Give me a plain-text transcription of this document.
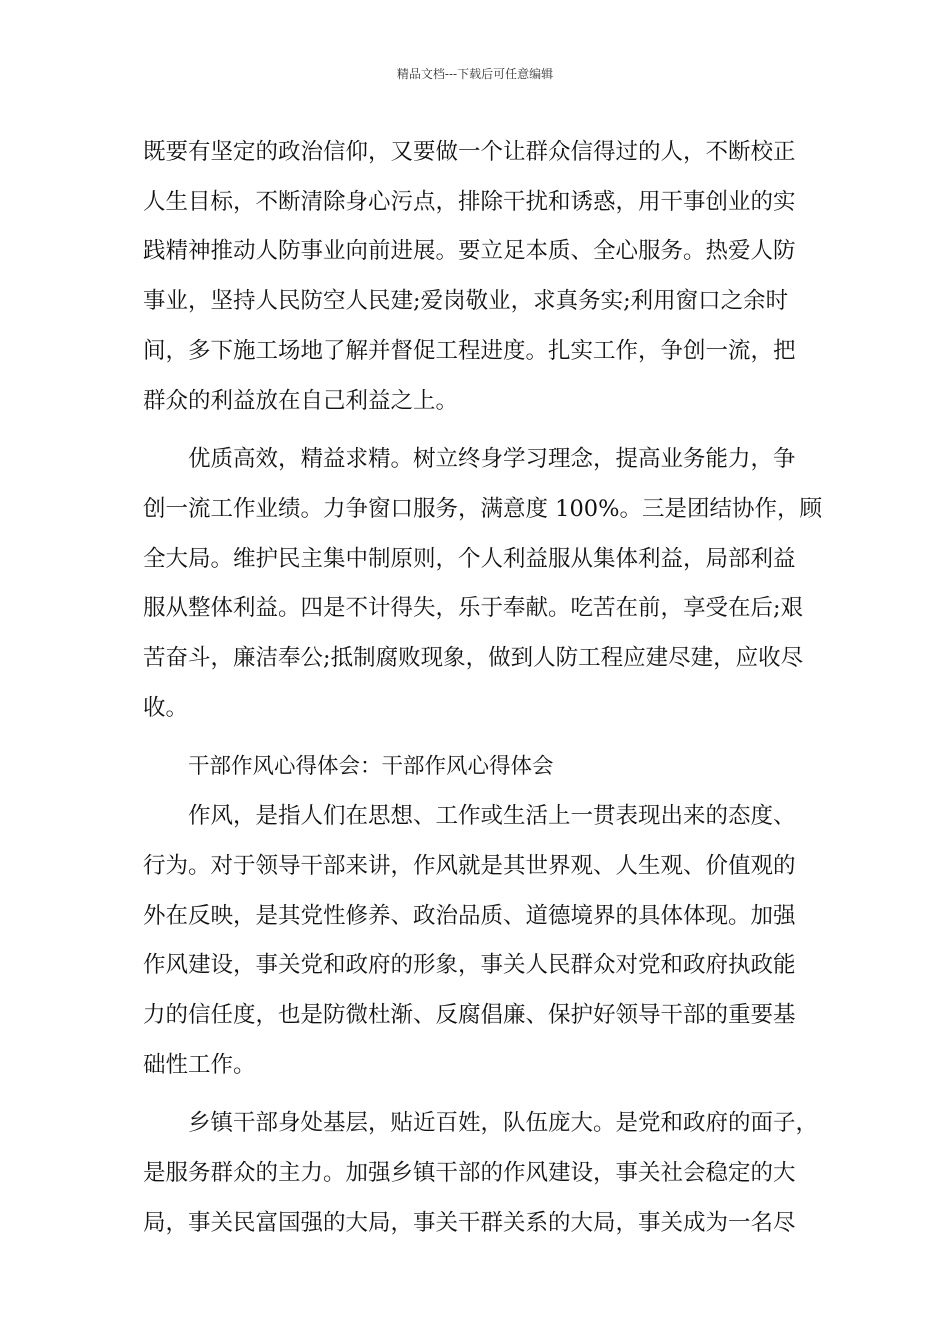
精品文档---下载后可任意编辑
既要有坚定的政治信仰，又要做一个让群众信得过的人，不断校正
人生目标，不断清除身心污点，排除干扰和诱惑，用干事创业的实
践精神推动人防事业向前进展。要立足本质、全心服务。热爱人防
事业，坚持人民防空人民建;爱岗敬业，求真务实;利用窗口之余时
间，多下施工场地了解并督促工程进度。扎实工作，争创一流，把
群众的利益放在自己利益之上。
优质高效，精益求精。树立终身学习理念，提高业务能力，争
创一流工作业绩。力争窗口服务，满意度 100%。三是团结协作，顾
全大局。维护民主集中制原则，个人利益服从集体利益，局部利益
服从整体利益。四是不计得失，乐于奉献。吃苦在前，享受在后;艰
苦奋斗，廉洁奉公;抵制腐败现象，做到人防工程应建尽建，应收尽
收。
干部作风心得体会：干部作风心得体会
作风，是指人们在思想、工作或生活上一贯表现出来的态度、
行为。对于领导干部来讲，作风就是其世界观、人生观、价值观的
外在反映，是其党性修养、政治品质、道德境界的具体体现。加强
作风建设，事关党和政府的形象，事关人民群众对党和政府执政能
力的信任度，也是防微杜渐、反腐倡廉、保护好领导干部的重要基
础性工作。
乡镇干部身处基层，贴近百姓，队伍庞大。是党和政府的面子，
是服务群众的主力。加强乡镇干部的作风建设，事关社会稳定的大
局，事关民富国强的大局，事关干群关系的大局，事关成为一名尽
